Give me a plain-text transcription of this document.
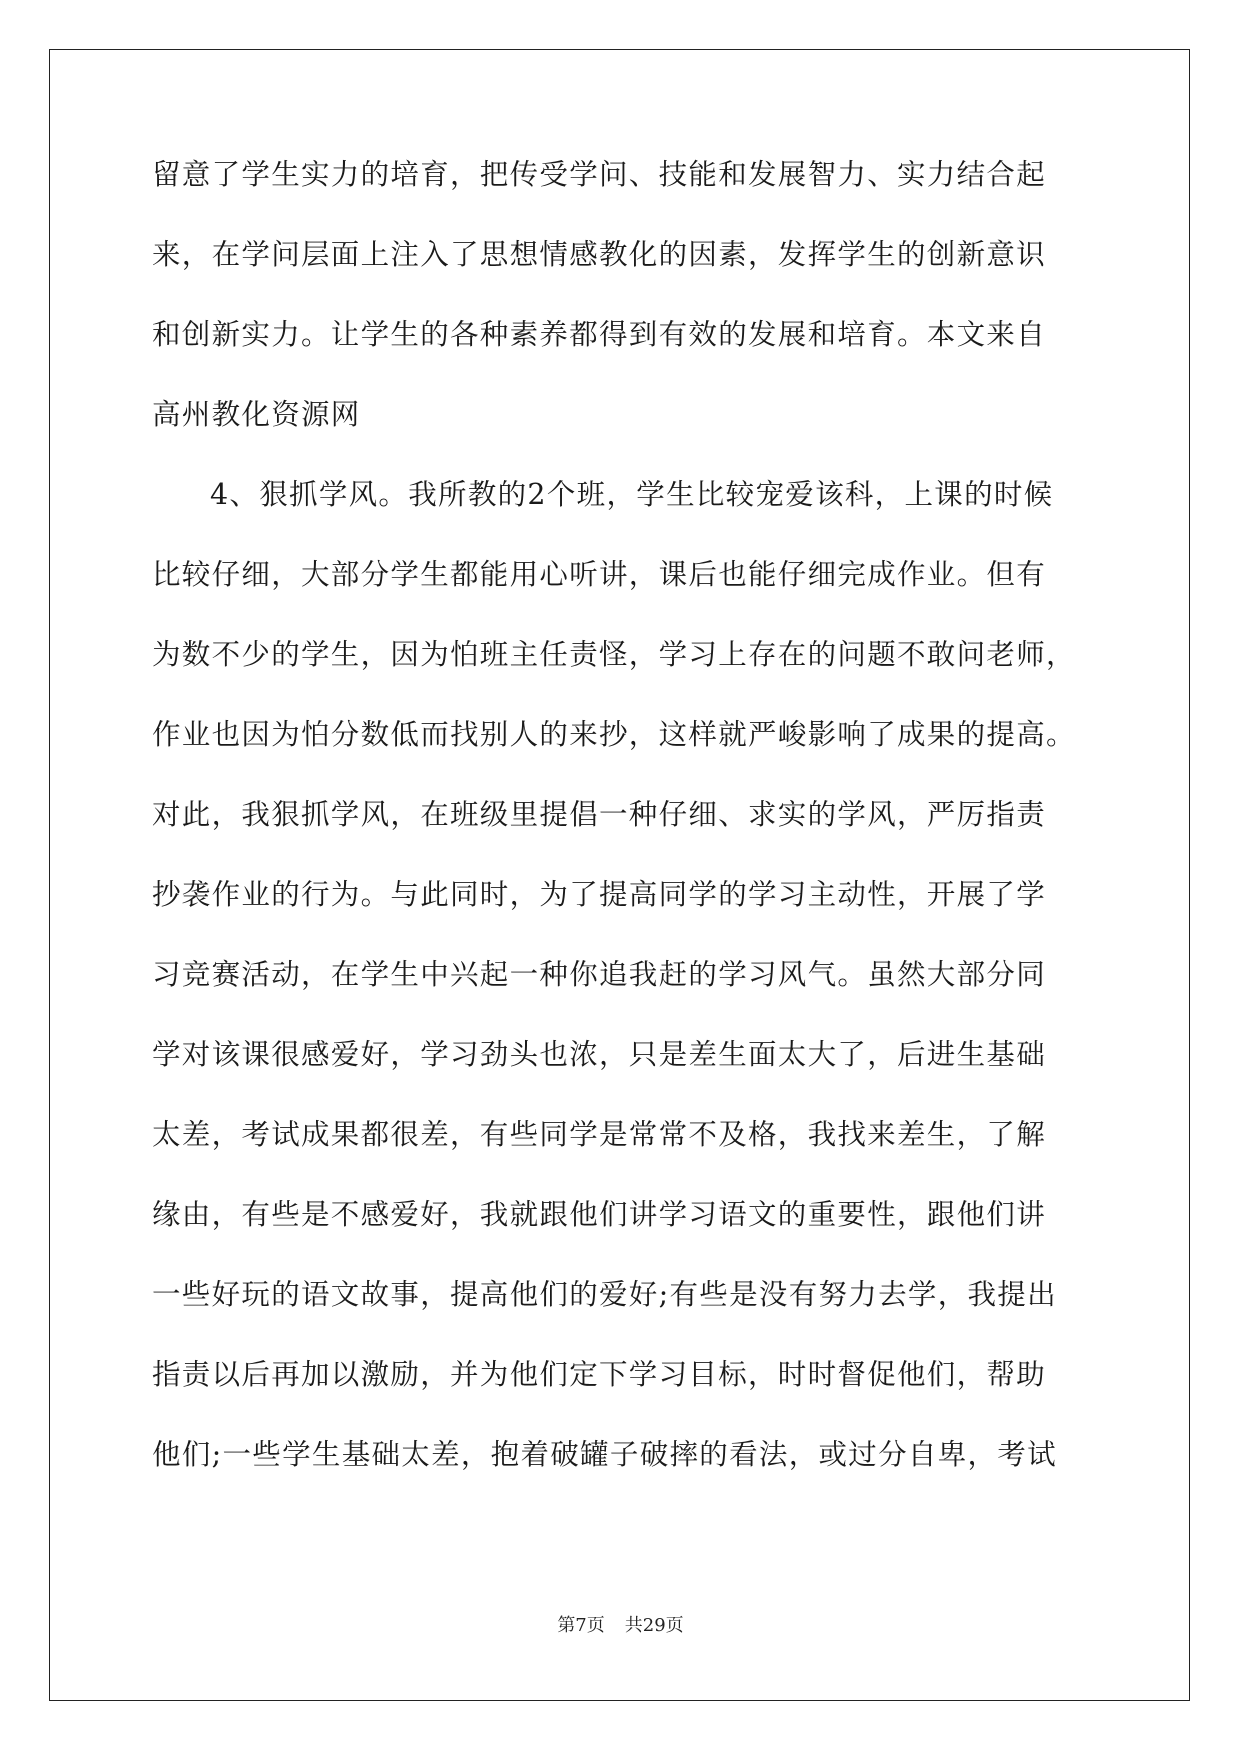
留意了学生实力的培育，把传受学问、技能和发展智力、实力结合起
来，在学问层面上注入了思想情感教化的因素，发挥学生的创新意识
和创新实力。让学生的各种素养都得到有效的发展和培育。本文来自
高州教化资源网
4、狠抓学风。我所教的2个班，学生比较宠爱该科，上课的时候
比较仔细，大部分学生都能用心听讲，课后也能仔细完成作业。但有
为数不少的学生，因为怕班主任责怪，学习上存在的问题不敢问老师，
作业也因为怕分数低而找别人的来抄，这样就严峻影响了成果的提高。
对此，我狠抓学风，在班级里提倡一种仔细、求实的学风，严厉指责
抄袭作业的行为。与此同时，为了提高同学的学习主动性，开展了学
习竞赛活动，在学生中兴起一种你追我赶的学习风气。虽然大部分同
学对该课很感爱好，学习劲头也浓，只是差生面太大了，后进生基础
太差，考试成果都很差，有些同学是常常不及格，我找来差生，了解
缘由，有些是不感爱好，我就跟他们讲学习语文的重要性，跟他们讲
一些好玩的语文故事，提高他们的爱好;有些是没有努力去学，我提出
指责以后再加以激励，并为他们定下学习目标，时时督促他们，帮助
他们;一些学生基础太差，抱着破罐子破摔的看法，或过分自卑，考试
第7页 共29页
